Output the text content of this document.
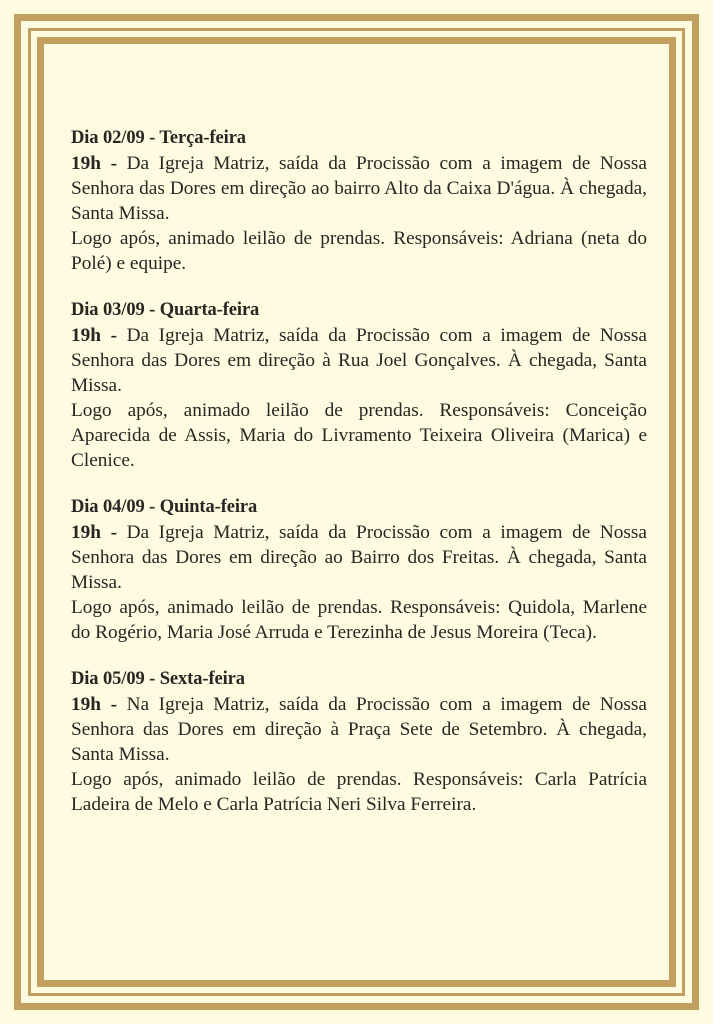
Dia 02/09 - Terça-feira

19h - Da Igreja Matriz, saída da Procissão com a imagem de Nossa Senhora das Dores em direção ao bairro Alto da Caixa D'água. À chegada, Santa Missa.

Logo após, animado leilão de prendas. Responsáveis: Adriana (neta do Polé) e equipe.

Dia 03/09 - Quarta-feira

19h - Da Igreja Matriz, saída da Procissão com a imagem de Nossa Senhora das Dores em direção à Rua Joel Gonçalves. À chegada, Santa Missa.

Logo após, animado leilão de prendas. Responsáveis: Conceição Aparecida de Assis, Maria do Livramento Teixeira Oliveira (Marica) e Clenice.

Dia 04/09 - Quinta-feira

19h - Da Igreja Matriz, saída da Procissão com a imagem de Nossa Senhora das Dores em direção ao Bairro dos Freitas. À chegada, Santa Missa.

Logo após, animado leilão de prendas. Responsáveis: Quidola, Marlene do Rogério, Maria José Arruda e Terezinha de Jesus Moreira (Teca).

Dia 05/09 - Sexta-feira

19h - Na Igreja Matriz, saída da Procissão com a imagem de Nossa Senhora das Dores em direção à Praça Sete de Setembro. À chegada, Santa Missa.

Logo após, animado leilão de prendas. Responsáveis: Carla Patrícia Ladeira de Melo e Carla Patrícia Neri Silva Ferreira.
